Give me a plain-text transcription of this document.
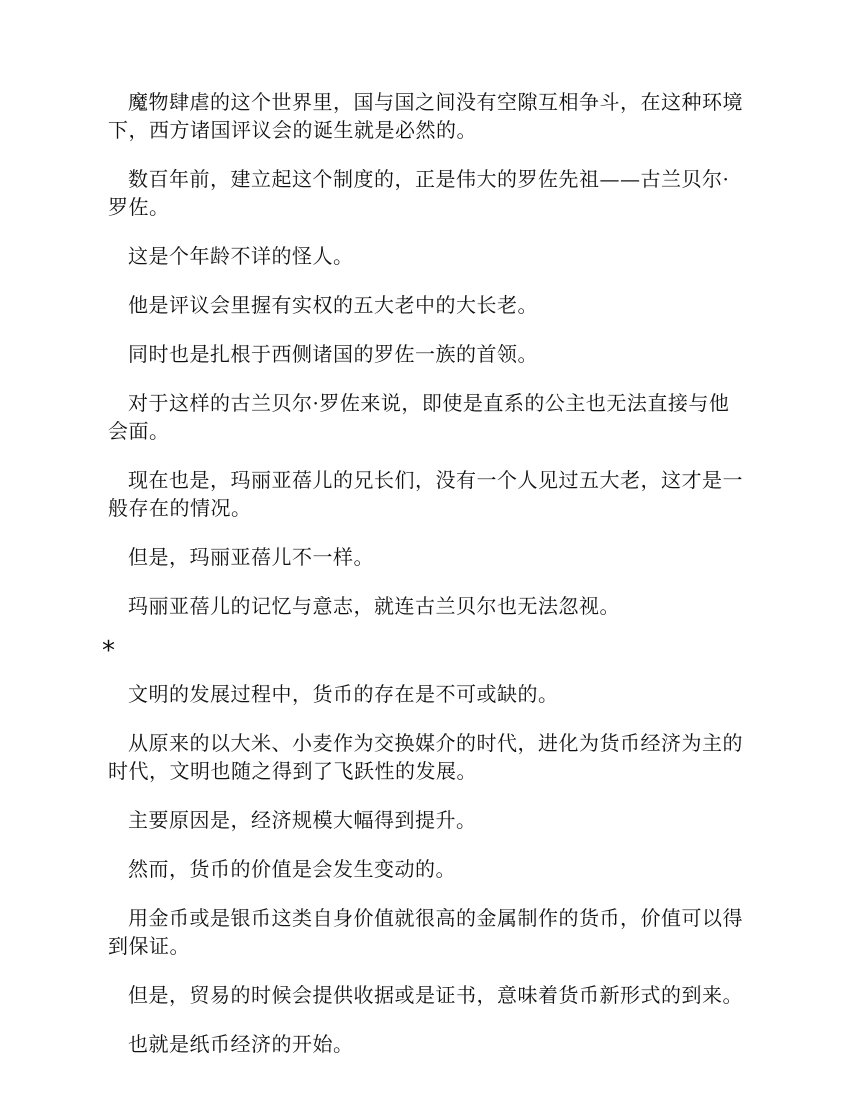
魔物肆虐的这个世界里，国与国之间没有空隙互相争斗，在这种环境下，西方诸国评议会的诞生就是必然的。

数百年前，建立起这个制度的，正是伟大的罗佐先祖——古兰贝尔·罗佐。

这是个年龄不详的怪人。

他是评议会里握有实权的五大老中的大长老。

同时也是扎根于西侧诸国的罗佐一族的首领。

对于这样的古兰贝尔·罗佐来说，即使是直系的公主也无法直接与他会面。

现在也是，玛丽亚蓓儿的兄长们，没有一个人见过五大老，这才是一般存在的情况。

但是，玛丽亚蓓儿不一样。

玛丽亚蓓儿的记忆与意志，就连古兰贝尔也无法忽视。

*

文明的发展过程中，货币的存在是不可或缺的。

从原来的以大米、小麦作为交换媒介的时代，进化为货币经济为主的时代，文明也随之得到了飞跃性的发展。

主要原因是，经济规模大幅得到提升。

然而，货币的价值是会发生变动的。

用金币或是银币这类自身价值就很高的金属制作的货币，价值可以得到保证。

但是，贸易的时候会提供收据或是证书，意味着货币新形式的到来。

也就是纸币经济的开始。
